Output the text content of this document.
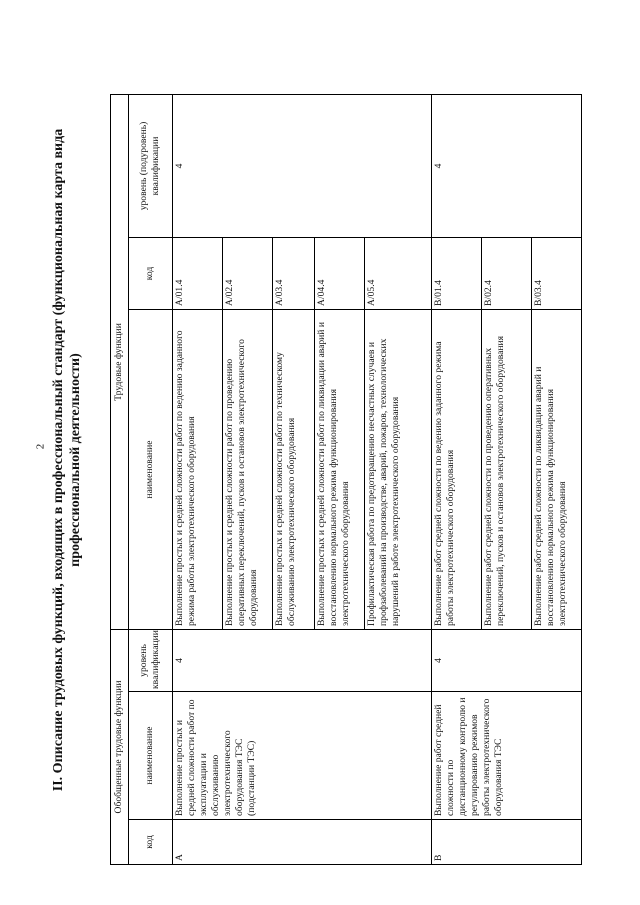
2 II. Описание трудовых функций, входящих в профессиональный стандарт (функциональная карта вида профессиональной деятельности)
Обобщенные трудовые функции			Трудовые функции		
код	наименование	уровень квалификации	наименование	код	уровень (подуровень) квалификации
А	Выполнение простых и средней сложности работ по эксплуатации и обслуживанию электротехнического оборудования ТЭС (подстанции ТЭС)	4	Выполнение простых и средней сложности работ по ведению заданного режима работы электротехнического оборудования	А/01.4	4
			Выполнение простых и средней сложности работ по проведению оперативных переключений, пусков и остановов электротехнического оборудования	А/02.4	
			Выполнение простых и средней сложности работ по техническому обслуживанию электротехнического оборудования	А/03.4	
			Выполнение простых и средней сложности работ по ликвидации аварий и восстановлению нормального режима функционирования электротехнического оборудования	А/04.4	
			Профилактическая работа по предотвращению несчастных случаев и профзаболеваний на производстве, аварий, пожаров, технологических нарушений в работе электротехнического оборудования	А/05.4	
В	Выполнение работ средней сложности по дистанционному контролю и регулированию режимов работы электротехнического оборудования ТЭС	4	Выполнение работ средней сложности по ведению заданного режима работы электротехнического оборудования	В/01.4	4
			Выполнение работ средней сложности по проведению оперативных переключений, пусков и остановов электротехнического оборудования	В/02.4	
			Выполнение работ средней сложности по ликвидации аварий и восстановлению нормального режима функционирования электротехнического оборудования	В/03.4	
